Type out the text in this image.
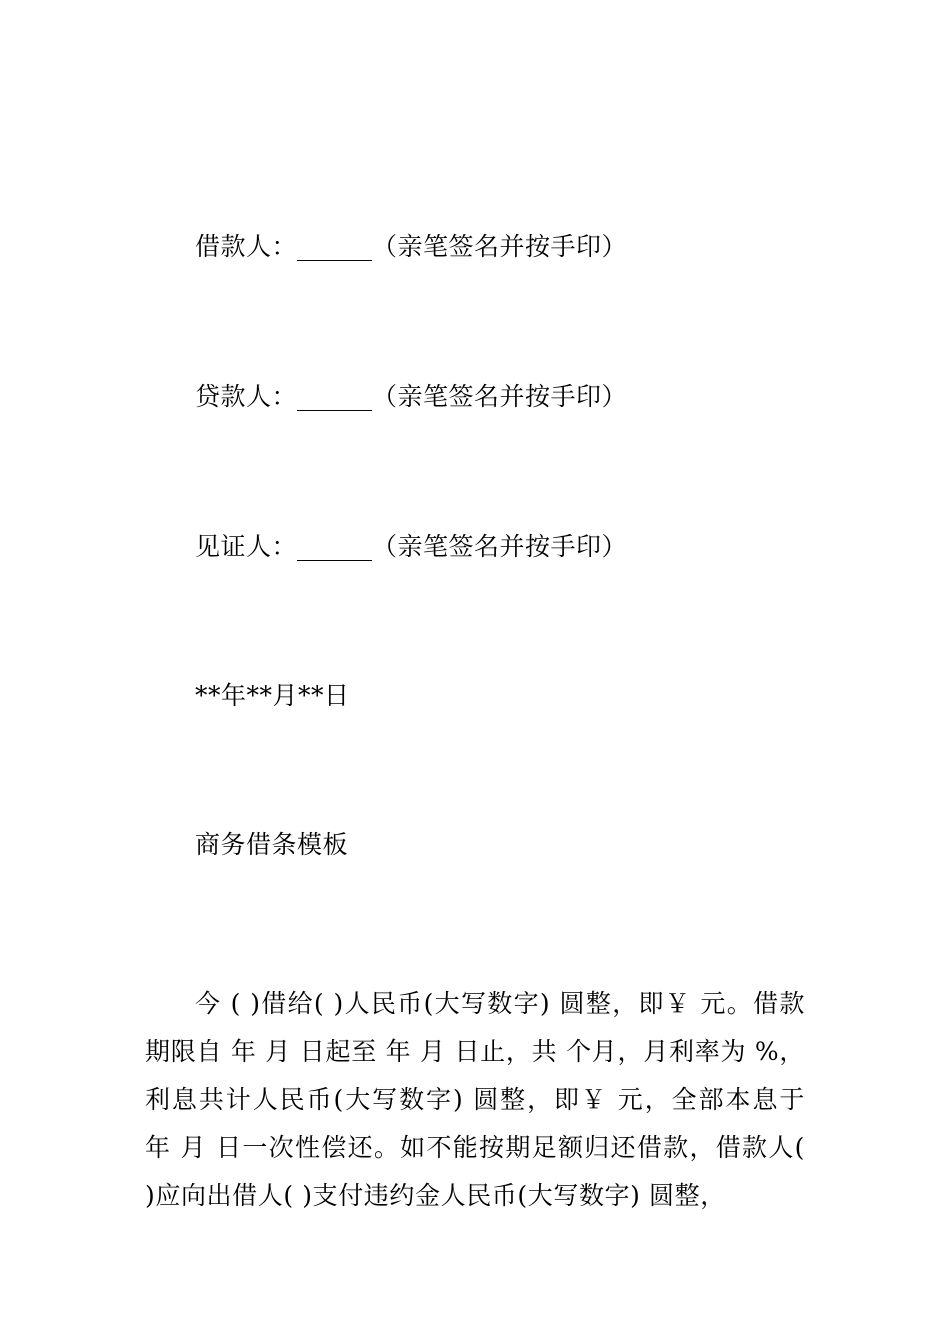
借款人：______（亲笔签名并按手印）
贷款人：______（亲笔签名并按手印）
见证人：______（亲笔签名并按手印）
**年**月**日
商务借条模板
今 ( )借给( )人民币(大写数字) 圆整，即￥ 元。借款期限自 年 月 日起至 年 月 日止，共 个月，月利率为 %，利息共计人民币(大写数字) 圆整，即￥ 元，全部本息于 年 月 日一次性偿还。如不能按期足额归还借款，借款人( )应向出借人( )支付违约金人民币(大写数字) 圆整，
